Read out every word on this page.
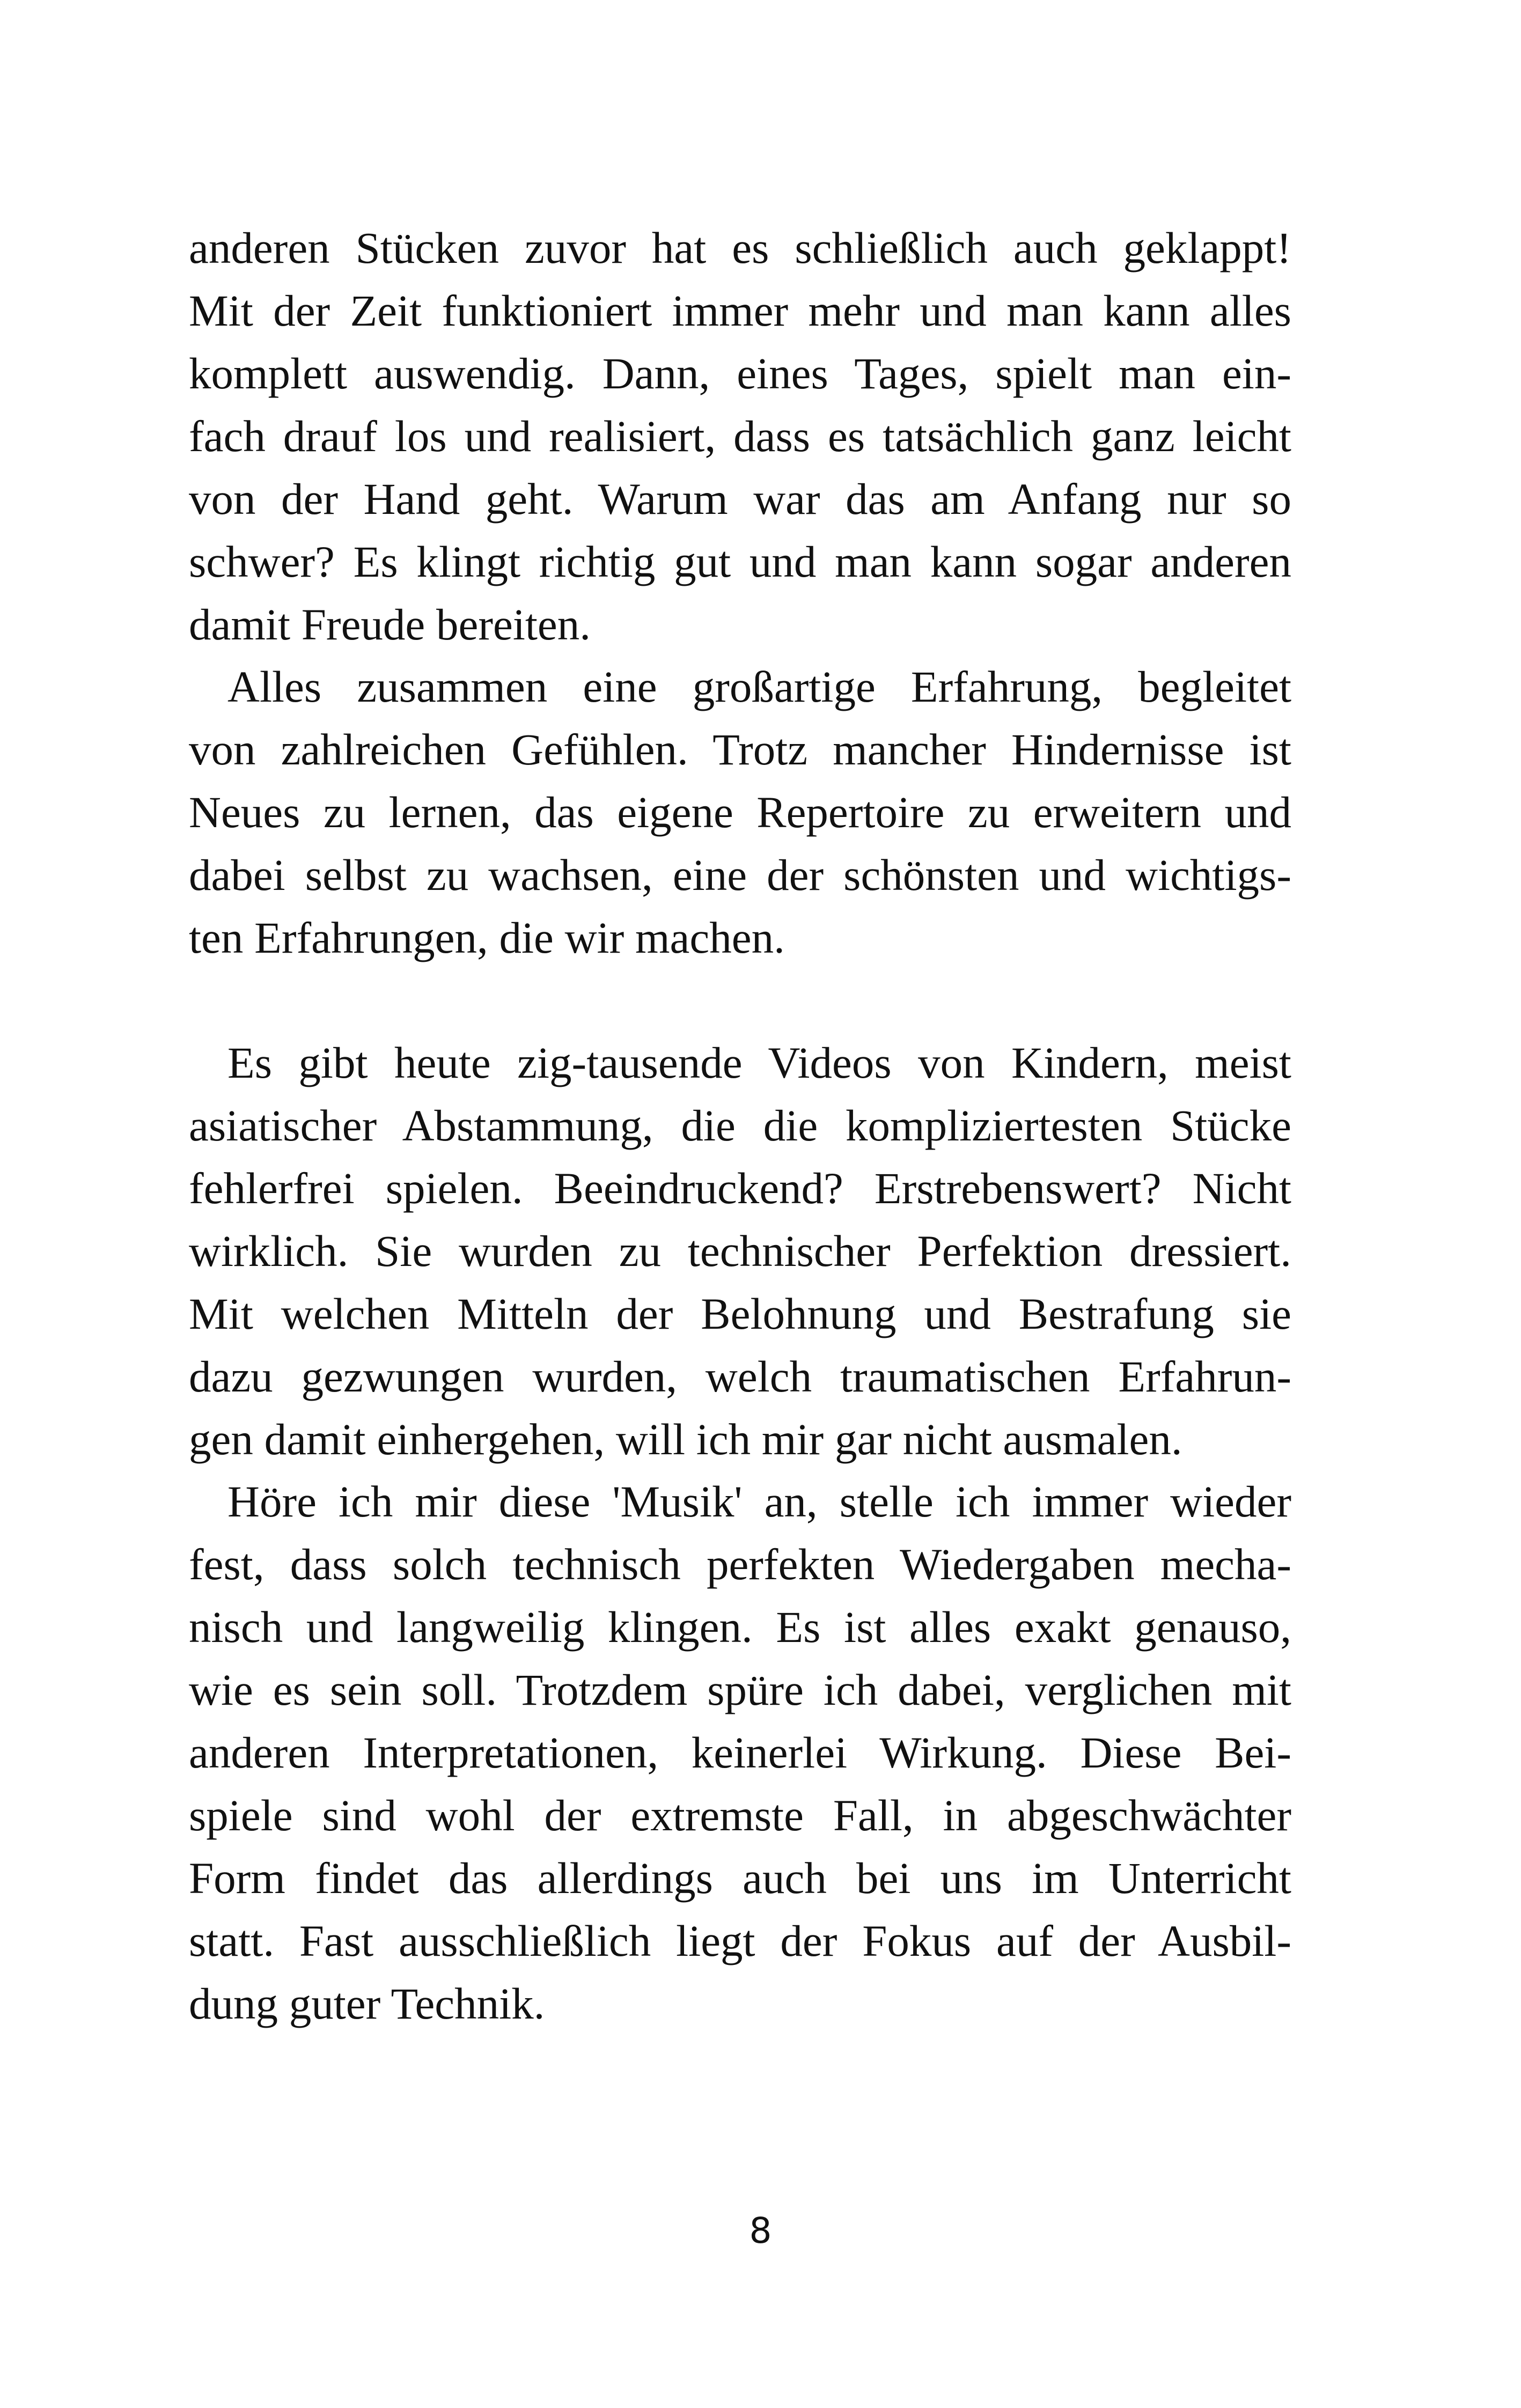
anderen Stücken zuvor hat es schließlich auch geklappt!
Mit der Zeit funktioniert immer mehr und man kann alles
komplett auswendig. Dann, eines Tages, spielt man ein-
fach drauf los und realisiert, dass es tatsächlich ganz leicht
von der Hand geht. Warum war das am Anfang nur so
schwer? Es klingt richtig gut und man kann sogar anderen
damit Freude bereiten.
Alles zusammen eine großartige Erfahrung, begleitet
von zahlreichen Gefühlen. Trotz mancher Hindernisse ist
Neues zu lernen, das eigene Repertoire zu erweitern und
dabei selbst zu wachsen, eine der schönsten und wichtigs-
ten Erfahrungen, die wir machen.
Es gibt heute zig-tausende Videos von Kindern, meist
asiatischer Abstammung, die die kompliziertesten Stücke
fehlerfrei spielen. Beeindruckend? Erstrebenswert? Nicht
wirklich. Sie wurden zu technischer Perfektion dressiert.
Mit welchen Mitteln der Belohnung und Bestrafung sie
dazu gezwungen wurden, welch traumatischen Erfahrun-
gen damit einhergehen, will ich mir gar nicht ausmalen.
Höre ich mir diese 'Musik' an, stelle ich immer wieder
fest, dass solch technisch perfekten Wiedergaben mecha-
nisch und langweilig klingen. Es ist alles exakt genauso,
wie es sein soll. Trotzdem spüre ich dabei, verglichen mit
anderen Interpretationen, keinerlei Wirkung. Diese Bei-
spiele sind wohl der extremste Fall, in abgeschwächter
Form findet das allerdings auch bei uns im Unterricht
statt. Fast ausschließlich liegt der Fokus auf der Ausbil-
dung guter Technik.
8
